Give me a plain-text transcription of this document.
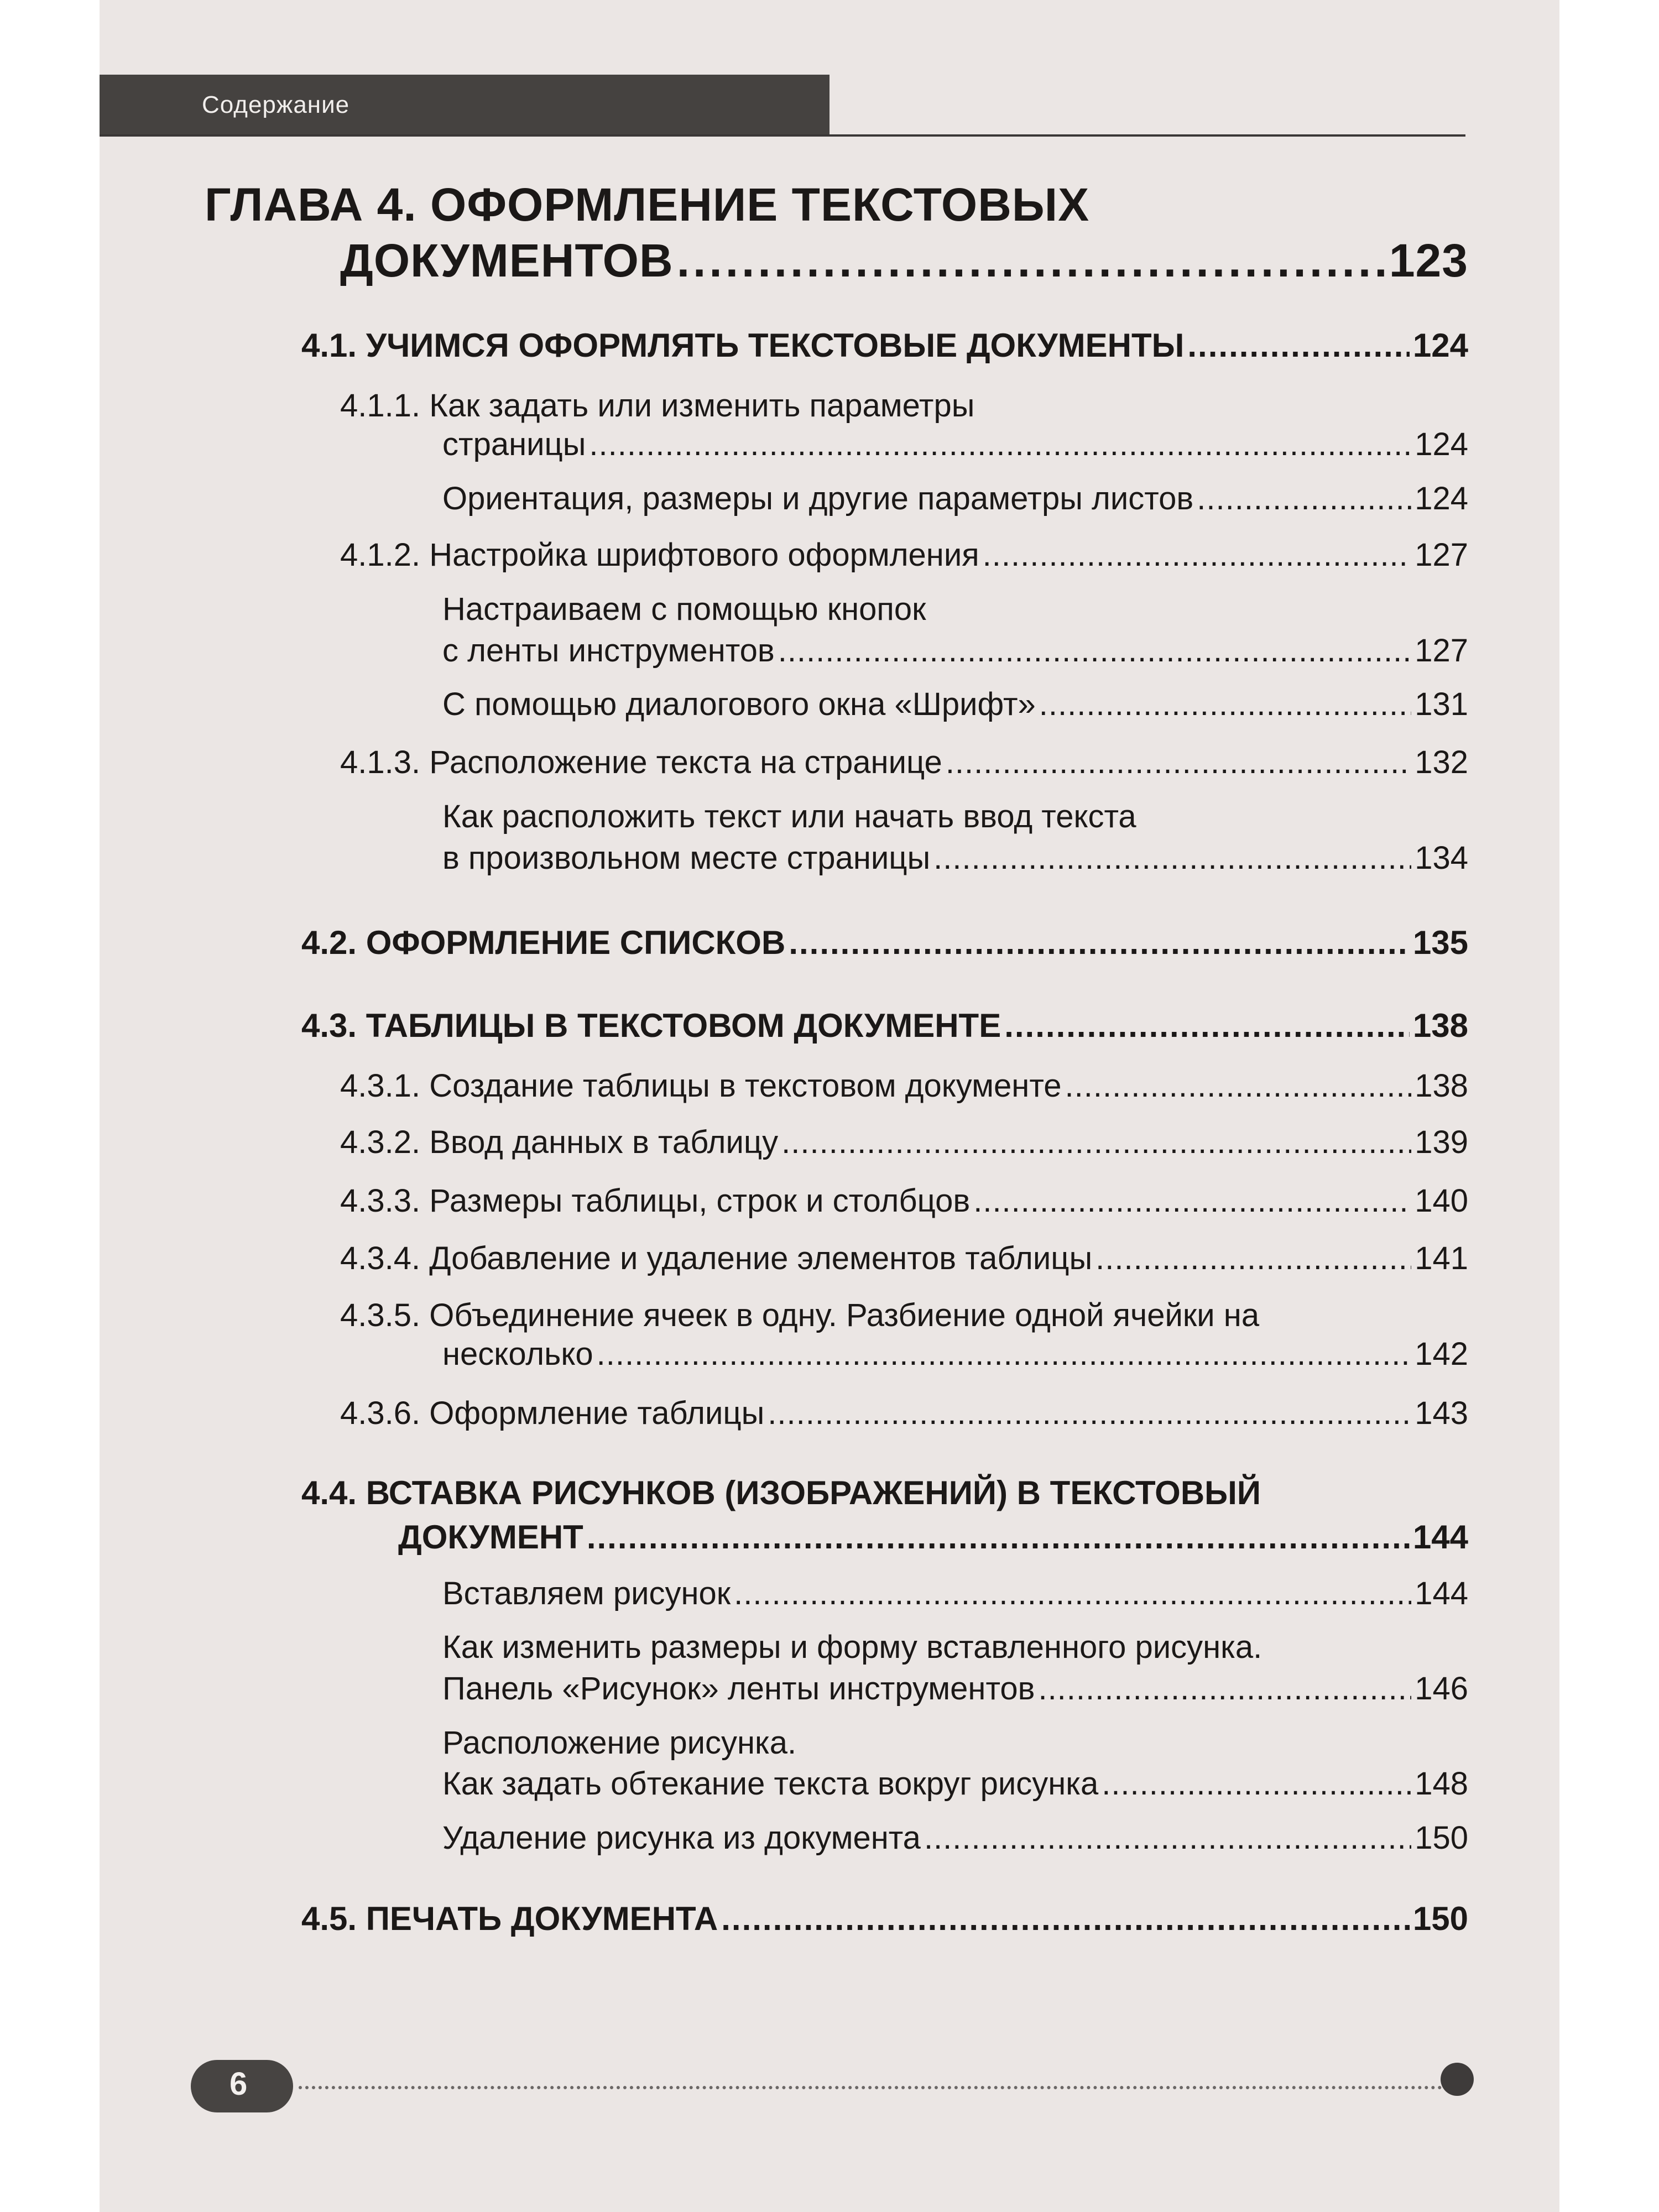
Содержание
ГЛАВА 4. ОФОРМЛЕНИЕ ТЕКСТОВЫХ
ДОКУМЕНТОВ .....	123
4.1. УЧИМСЯ ОФОРМЛЯТЬ ТЕКСТОВЫЕ ДОКУМЕНТЫ .....	124
4.1.1. Как задать или изменить параметры
страницы .....	124
Ориентация, размеры и другие параметры листов .....	124
4.1.2. Настройка шрифтового оформления .....	127
Настраиваем с помощью кнопок
с ленты инструментов .....	127
С помощью диалогового окна «Шрифт» .....	131
4.1.3. Расположение текста на странице .....	132
Как расположить текст или начать ввод текста
в произвольном месте страницы .....	134
4.2. ОФОРМЛЕНИЕ СПИСКОВ .....	135
4.3. ТАБЛИЦЫ В ТЕКСТОВОМ ДОКУМЕНТЕ .....	138
4.3.1. Создание таблицы в текстовом документе .....	138
4.3.2. Ввод данных в таблицу .....	139
4.3.3. Размеры таблицы, строк и столбцов .....	140
4.3.4. Добавление и удаление элементов таблицы .....	141
4.3.5. Объединение ячеек в одну. Разбиение одной ячейки на
несколько .....	142
4.3.6. Оформление таблицы .....	143
4.4. ВСТАВКА РИСУНКОВ (ИЗОБРАЖЕНИЙ) В ТЕКСТОВЫЙ
ДОКУМЕНТ .....	144
Вставляем рисунок .....	144
Как изменить размеры и форму вставленного рисунка.
Панель «Рисунок» ленты инструментов .....	146
Расположение рисунка.
Как задать обтекание текста вокруг рисунка .....	148
Удаление рисунка из документа .....	150
4.5. ПЕЧАТЬ ДОКУМЕНТА .....	150
6
